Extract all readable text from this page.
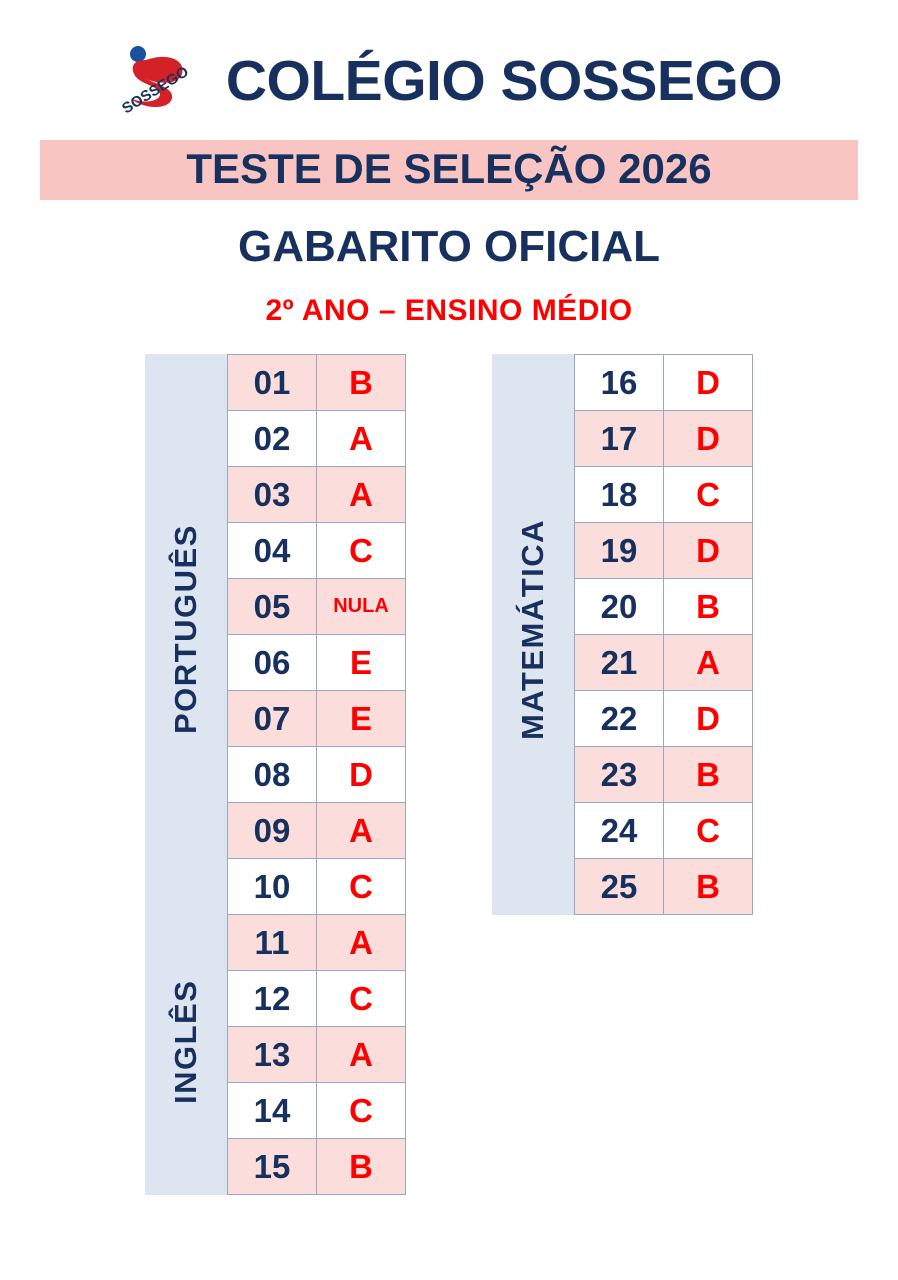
SOSSEGO COLÉGIO SOSSEGO
TESTE DE SELEÇÃO 2026
GABARITO OFICIAL
2º ANO – ENSINO MÉDIO
PORTUGUÊS
INGLÊS
01	B
02	A
03	A
04	C
05	NULA
06	E
07	E
08	D
09	A
10	C
11	A
12	C
13	A
14	C
15	B
MATEMÁTICA
16	D
17	D
18	C
19	D
20	B
21	A
22	D
23	B
24	C
25	B
